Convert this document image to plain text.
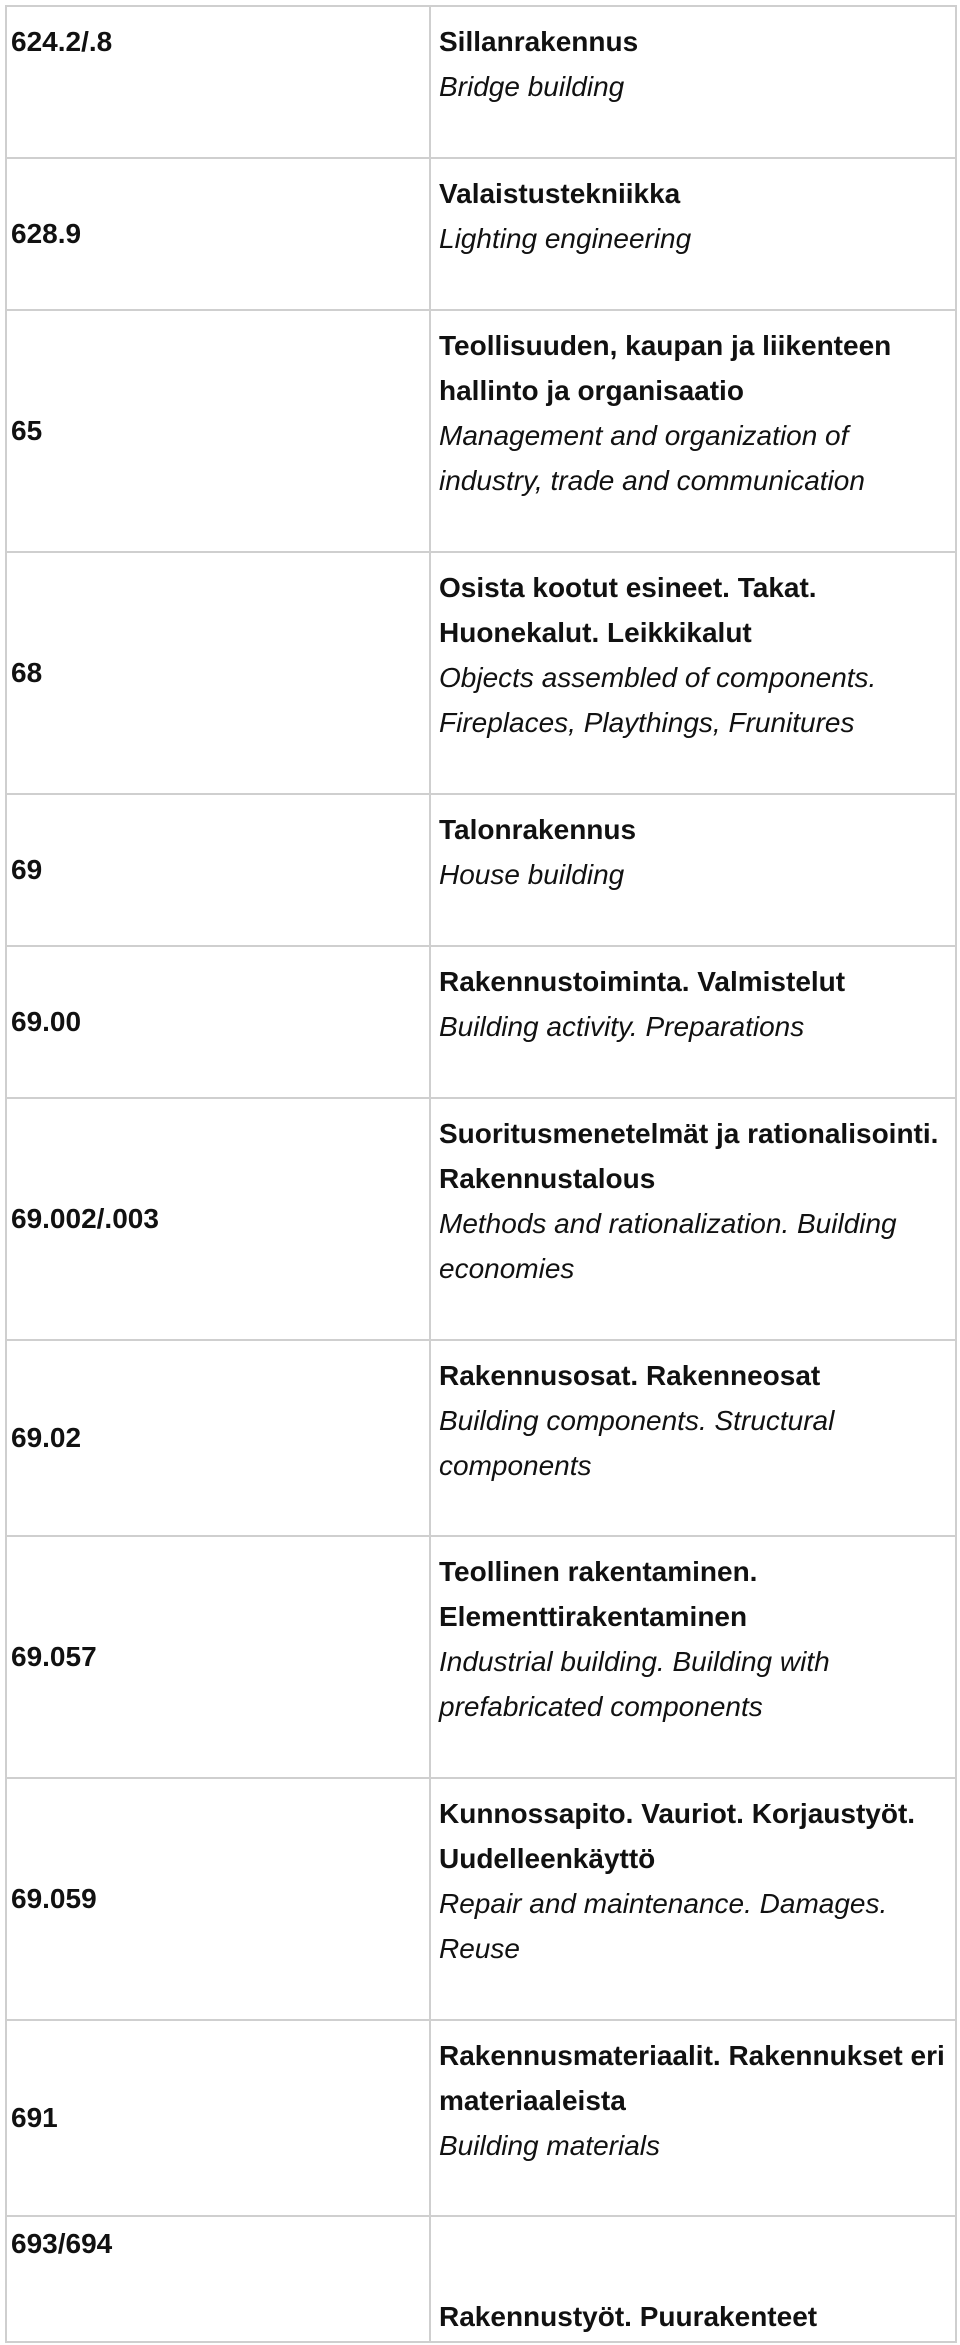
624.2/.8	Sillanrakennus
Bridge building

628.9	Valaistustekniikka
Lighting engineering

65	Teollisuuden, kaupan ja liikenteen hallinto ja organisaatio
Management and organization of industry, trade and communication

68	Osista kootut esineet. Takat. Huonekalut. Leikkikalut
Objects assembled of components. Fireplaces, Playthings, Frunitures

69	Talonrakennus
House building

69.00	Rakennustoiminta. Valmistelut
Building activity. Preparations

69.002/.003	Suoritusmenetelmät ja rationalisointi. Rakennustalous
Methods and rationalization. Building economies

69.02	Rakennusosat. Rakenneosat
Building components. Structural components

69.057	Teollinen rakentaminen. Elementtirakentaminen
Industrial building. Building with prefabricated components

69.059	Kunnossapito. Vauriot. Korjaustyöt. Uudelleenkäyttö
Repair and maintenance. Damages. Reuse

691	Rakennusmateriaalit. Rakennukset eri materiaaleista
Building materials

693/694	Rakennustyöt. Puurakenteet
